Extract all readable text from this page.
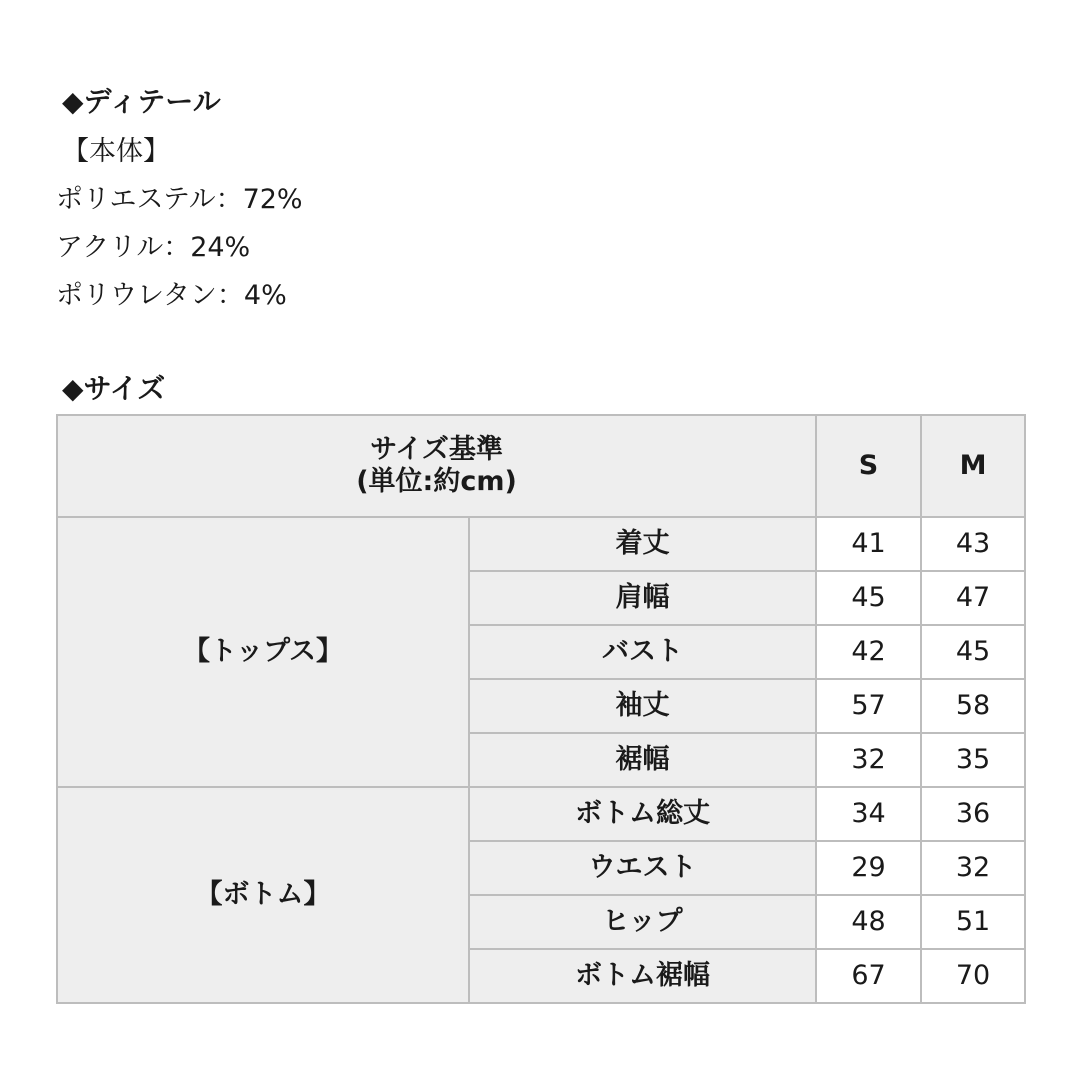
◆ディテール
【本体】
ポリエステル：72%
アクリル：24%
ポリウレタン：4%
◆サイズ
サイズ基準
(単位:約cm)		S	M
【トップス】	着丈	41	43
	肩幅	45	47
	バスト	42	45
	袖丈	57	58
	裾幅	32	35
【ボトム】	ボトム総丈	34	36
	ウエスト	29	32
	ヒップ	48	51
	ボトム裾幅	67	70
